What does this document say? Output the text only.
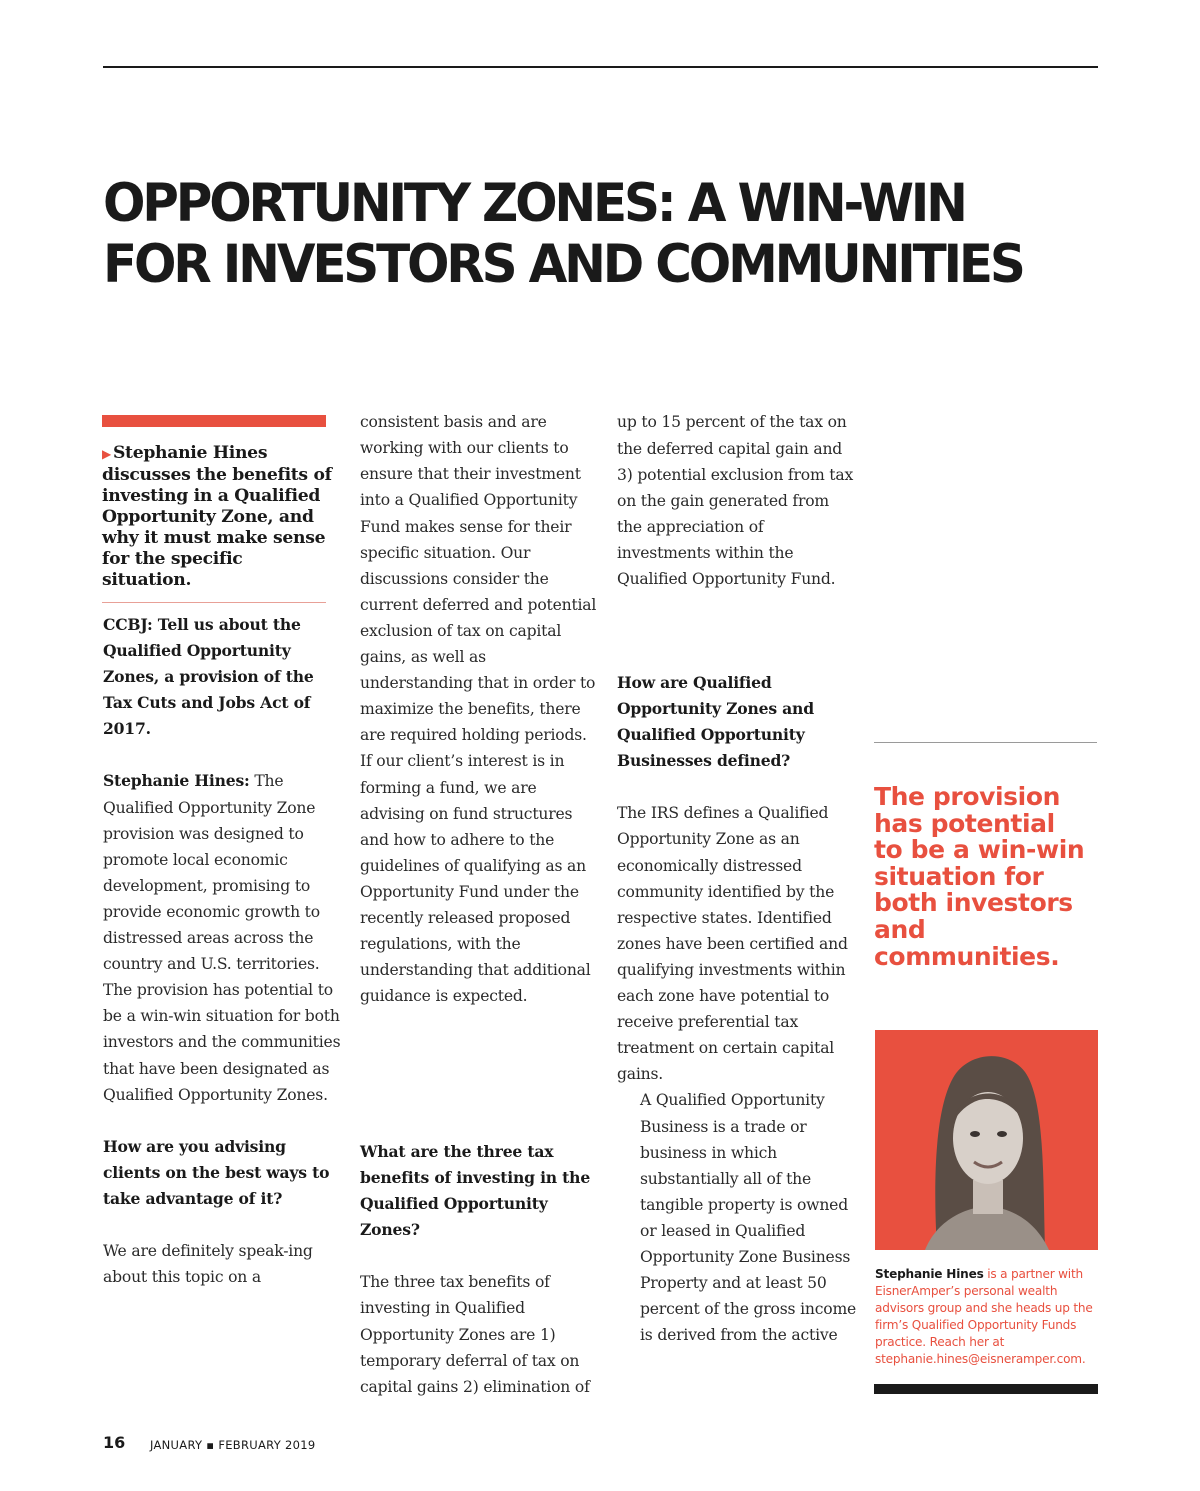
OPPORTUNITY ZONES: A WIN-WIN
FOR INVESTORS AND COMMUNITIES

▶ Stephanie Hines discusses the benefits of investing in a Qualified Opportunity Zone, and why it must make sense for the specific situation.

CCBJ: Tell us about the Qualified Opportunity Zones, a provision of the Tax Cuts and Jobs Act of 2017.

Stephanie Hines: The Qualified Opportunity Zone provision was designed to promote local economic development, promising to provide economic growth to distressed areas across the country and U.S. territories. The provision has potential to be a win-win situation for both investors and the communities that have been designated as Qualified Opportunity Zones.

How are you advising clients on the best ways to take advantage of it?

We are definitely speak-ing about this topic on a

consistent basis and are working with our clients to ensure that their investment into a Qualified Opportunity Fund makes sense for their specific situation. Our discussions consider the current deferred and potential exclusion of tax on capital gains, as well as understanding that in order to maximize the benefits, there are required holding periods. If our client’s interest is in forming a fund, we are advising on fund structures and how to adhere to the guidelines of qualifying as an Opportunity Fund under the recently released proposed regulations, with the understanding that additional guidance is expected.

What are the three tax benefits of investing in the Qualified Opportunity Zones?

The three tax benefits of investing in Qualified Opportunity Zones are 1) temporary deferral of tax on capital gains 2) elimination of

up to 15 percent of the tax on the deferred capital gain and 3) potential exclusion from tax on the gain generated from the appreciation of investments within the Qualified Opportunity Fund.

How are Qualified Opportunity Zones and Qualified Opportunity Businesses defined?

The IRS defines a Qualified Opportunity Zone as an economically distressed community identified by the respective states. Identified zones have been certified and qualifying investments within each zone have potential to receive preferential tax treatment on certain capital gains.

A Qualified Opportunity Business is a trade or business in which substantially all of the tangible property is owned or leased in Qualified Opportunity Zone Business Property and at least 50 percent of the gross income is derived from the active

The provision has potential to be a win-win situation for both investors and communities.

Stephanie Hines is a partner with EisnerAmper’s personal wealth advisors group and she heads up the firm’s Qualified Opportunity Funds practice. Reach her at stephanie.hines@eisneramper.com.

16 JANUARY ▪ FEBRUARY 2019
